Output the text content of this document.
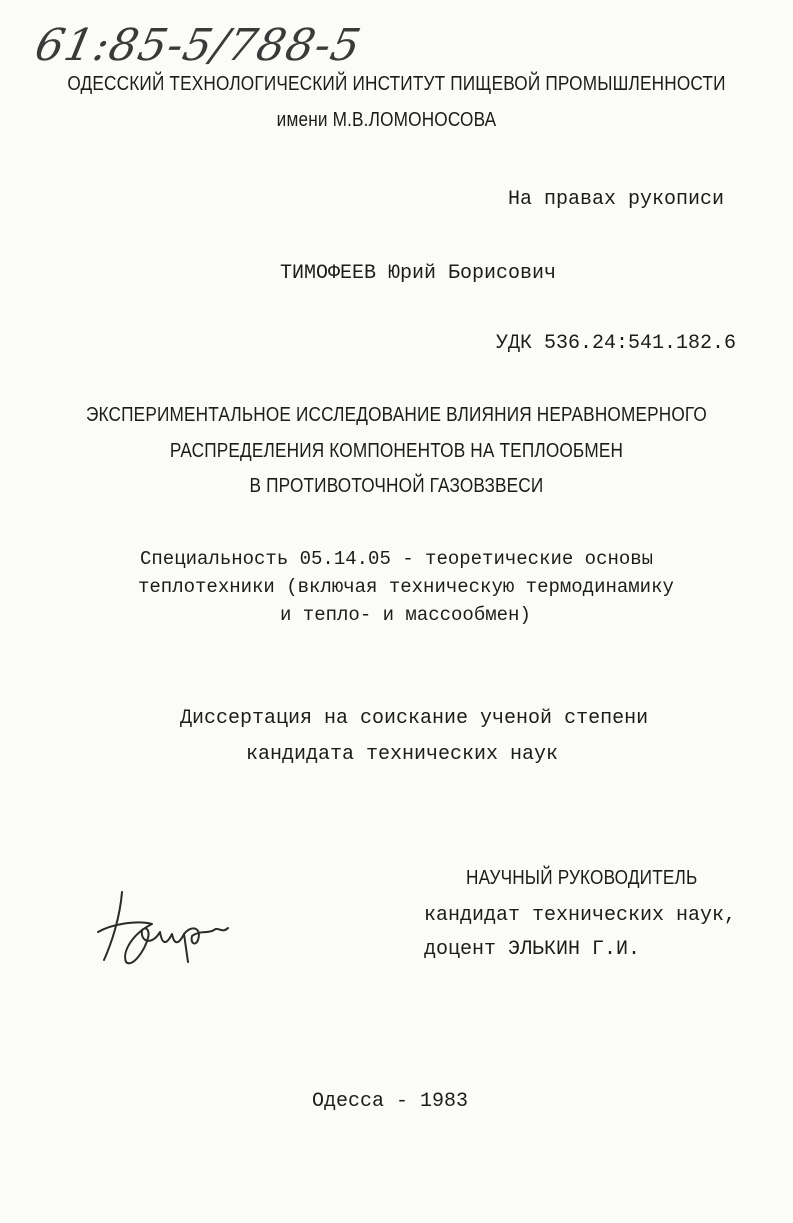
61:85-5/788-5
ОДЕССКИЙ ТЕХНОЛОГИЧЕСКИЙ ИНСТИТУТ ПИЩЕВОЙ ПРОМЫШЛЕННОСТИ
имени М.В.ЛОМОНОСОВА
На правах рукописи
ТИМОФЕЕВ Юрий Борисович
УДК 536.24:541.182.6
ЭКСПЕРИМЕНТАЛЬНОЕ ИССЛЕДОВАНИЕ ВЛИЯНИЯ НЕРАВНОМЕРНОГО
РАСПРЕДЕЛЕНИЯ КОМПОНЕНТОВ НА ТЕПЛООБМЕН
В ПРОТИВОТОЧНОЙ ГАЗОВЗВЕСИ
Специальность 05.14.05 - теоретические основы
теплотехники (включая техническую термодинамику
и тепло- и массообмен)
Диссертация на соискание ученой степени
кандидата технических наук
НАУЧНЫЙ РУКОВОДИТЕЛЬ
кандидат технических наук,
доцент ЭЛЬКИН Г.И.
Одесса - 1983
